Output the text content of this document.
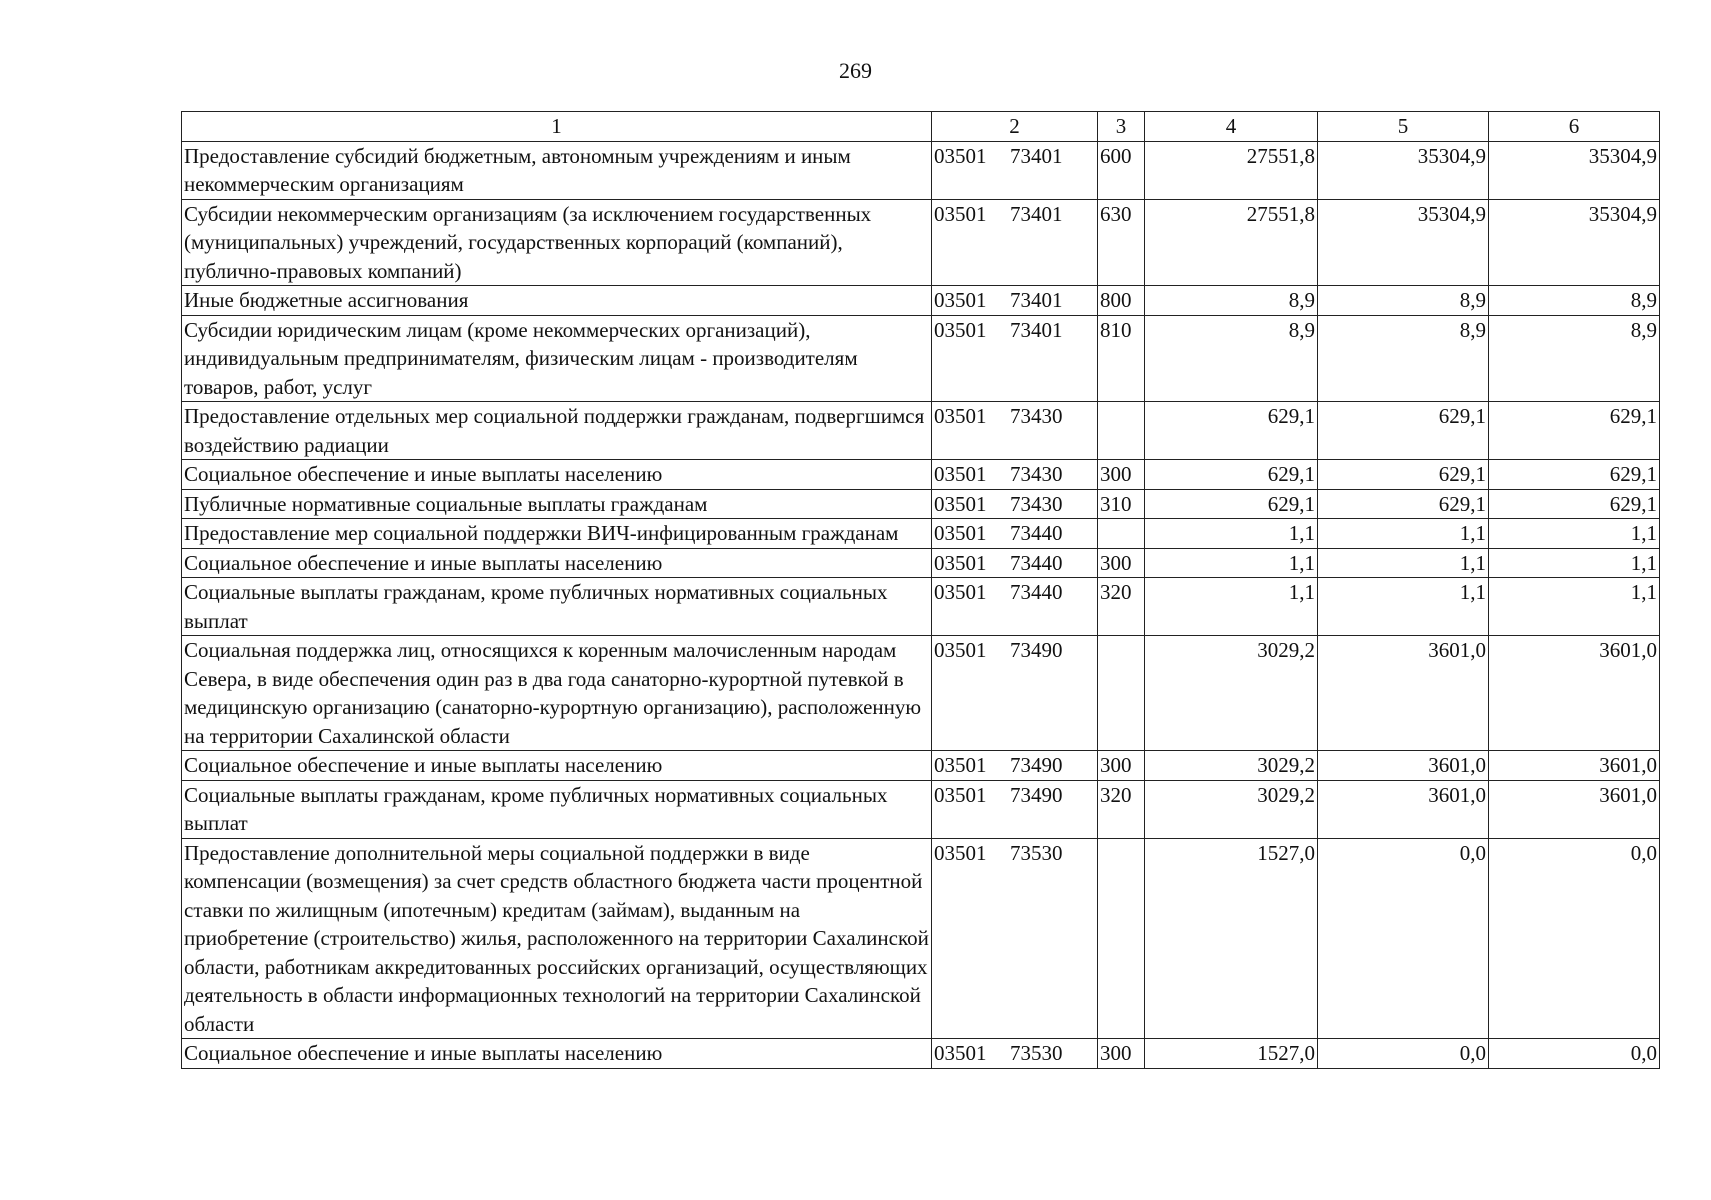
269
1	2	3	4	5	6
Предоставление субсидий бюджетным, автономным учреждениям и иным некоммерческим организациям	03501 73401	600	27551,8	35304,9	35304,9
Субсидии некоммерческим организациям (за исключением государственных (муниципальных) учреждений, государственных корпораций (компаний), публично-правовых компаний)	03501 73401	630	27551,8	35304,9	35304,9
Иные бюджетные ассигнования	03501 73401	800	8,9	8,9	8,9
Субсидии юридическим лицам (кроме некоммерческих организаций), индивидуальным предпринимателям, физическим лицам - производителям товаров, работ, услуг	03501 73401	810	8,9	8,9	8,9
Предоставление отдельных мер социальной поддержки гражданам, подвергшимся воздействию радиации	03501 73430		629,1	629,1	629,1
Социальное обеспечение и иные выплаты населению	03501 73430	300	629,1	629,1	629,1
Публичные нормативные социальные выплаты гражданам	03501 73430	310	629,1	629,1	629,1
Предоставление мер социальной поддержки ВИЧ-инфицированным гражданам	03501 73440		1,1	1,1	1,1
Социальное обеспечение и иные выплаты населению	03501 73440	300	1,1	1,1	1,1
Социальные выплаты гражданам, кроме публичных нормативных социальных выплат	03501 73440	320	1,1	1,1	1,1
Социальная поддержка лиц, относящихся к коренным малочисленным народам Севера, в виде обеспечения один раз в два года санаторно-курортной путевкой в медицинскую организацию (санаторно-курортную организацию), расположенную на территории Сахалинской области	03501 73490		3029,2	3601,0	3601,0
Социальное обеспечение и иные выплаты населению	03501 73490	300	3029,2	3601,0	3601,0
Социальные выплаты гражданам, кроме публичных нормативных социальных выплат	03501 73490	320	3029,2	3601,0	3601,0
Предоставление дополнительной меры социальной поддержки в виде компенсации (возмещения) за счет средств областного бюджета части процентной ставки по жилищным (ипотечным) кредитам (займам), выданным на приобретение (строительство) жилья, расположенного на территории Сахалинской области, работникам аккредитованных российских организаций, осуществляющих деятельность в области информационных технологий на территории Сахалинской области	03501 73530		1527,0	0,0	0,0
Социальное обеспечение и иные выплаты населению	03501 73530	300	1527,0	0,0	0,0
